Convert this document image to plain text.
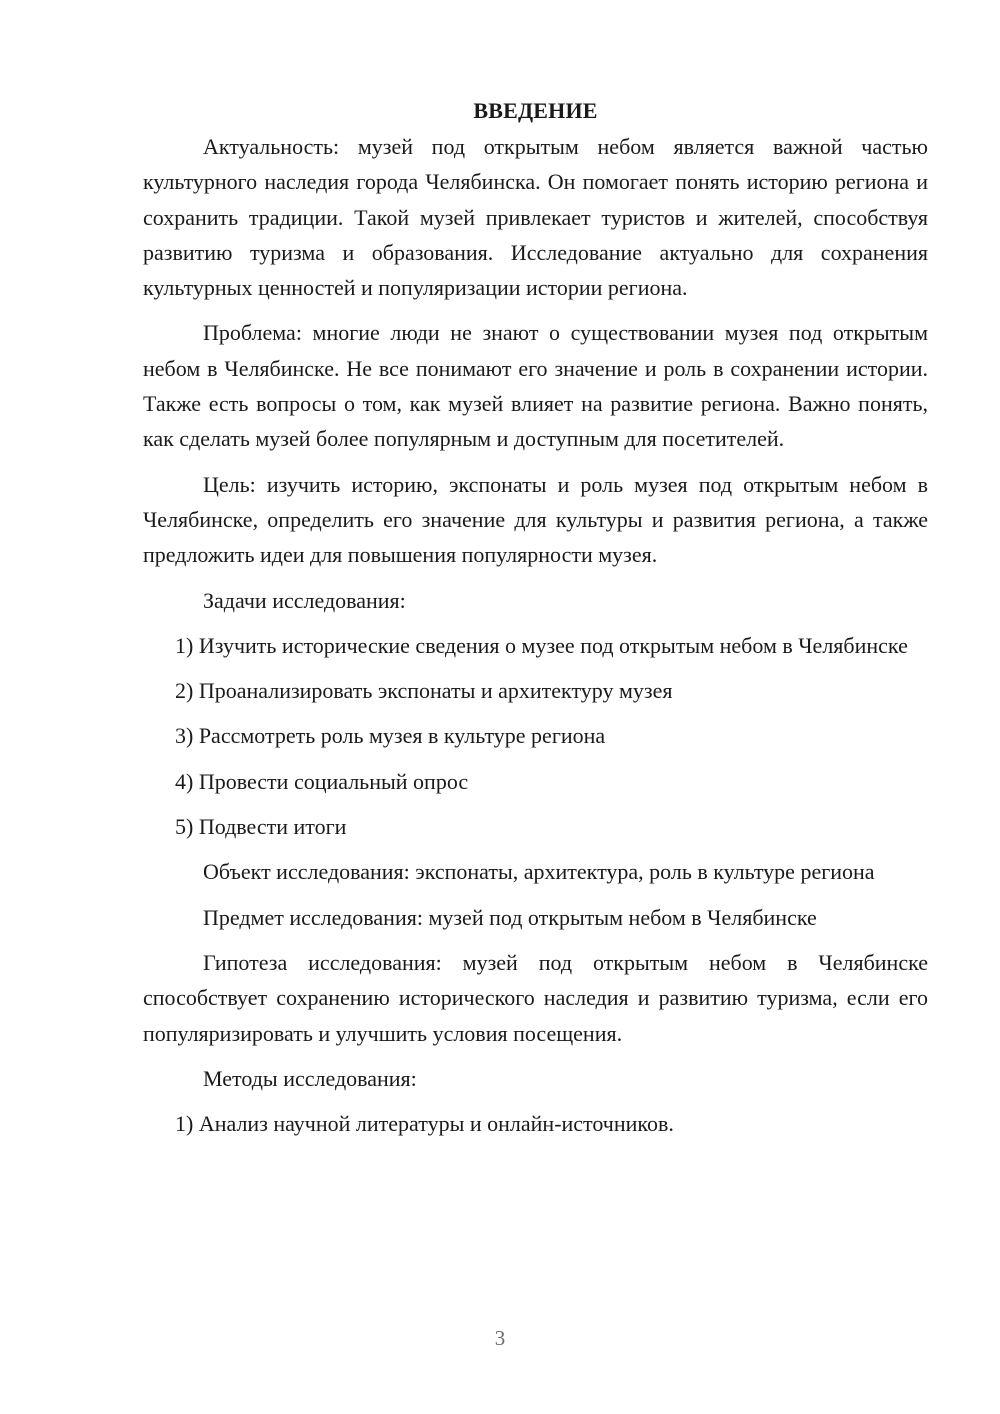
ВВЕДЕНИЕ

Актуальность: музей под открытым небом является важной частью культурного наследия города Челябинска. Он помогает понять историю региона и сохранить традиции. Такой музей привлекает туристов и жителей, способствуя развитию туризма и образования. Исследование актуально для сохранения культурных ценностей и популяризации истории региона.

Проблема: многие люди не знают о существовании музея под открытым небом в Челябинске. Не все понимают его значение и роль в сохранении истории. Также есть вопросы о том, как музей влияет на развитие региона. Важно понять, как сделать музей более популярным и доступным для посетителей.

Цель: изучить историю, экспонаты и роль музея под открытым небом в Челябинске, определить его значение для культуры и развития региона, а также предложить идеи для повышения популярности музея.

Задачи исследования:

1) Изучить исторические сведения о музее под открытым небом в Челябинске

2) Проанализировать экспонаты и архитектуру музея

3) Рассмотреть роль музея в культуре региона

4) Провести социальный опрос

5) Подвести итоги

Объект исследования: экспонаты, архитектура, роль в культуре региона

Предмет исследования: музей под открытым небом в Челябинске

Гипотеза исследования: музей под открытым небом в Челябинске способствует сохранению исторического наследия и развитию туризма, если его популяризировать и улучшить условия посещения.

Методы исследования:

1) Анализ научной литературы и онлайн-источников.

3
